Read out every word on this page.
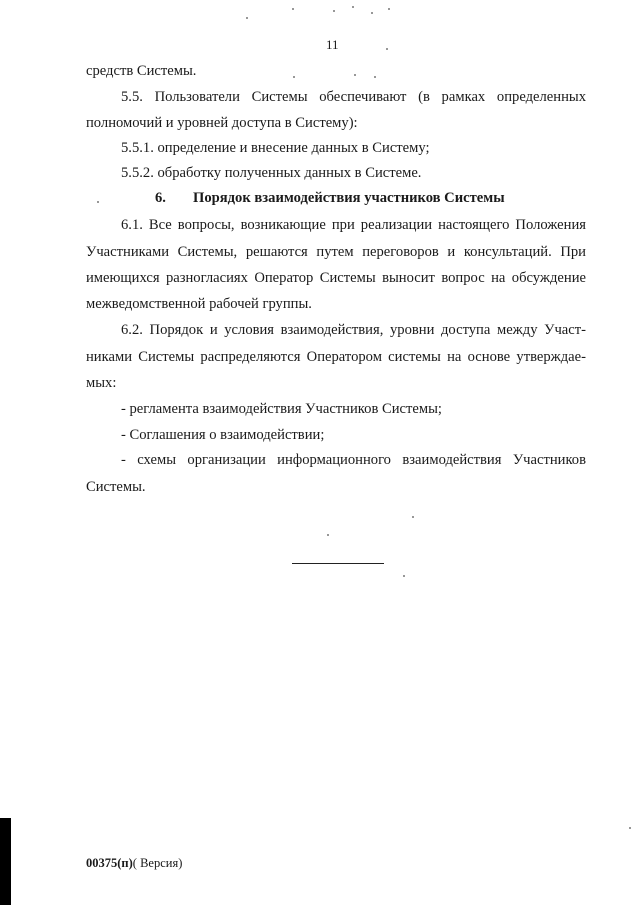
11
средств Системы.
5.5. Пользователи Системы обеспечивают (в рамках определенных
полномочий и уровней доступа в Систему):
5.5.1. определение и внесение данных в Систему;
5.5.2. обработку полученных данных в Системе.
6. Порядок взаимодействия участников Системы
6.1. Все вопросы, возникающие при реализации настоящего Положения
Участниками Системы, решаются путем переговоров и консультаций. При
имеющихся разногласиях Оператор Системы выносит вопрос на обсуждение
межведомственной рабочей группы.
6.2. Порядок и условия взаимодействия, уровни доступа между Участ-
никами Системы распределяются Оператором системы на основе утверждае-
мых:
- регламента взаимодействия Участников Системы;
- Соглашения о взаимодействии;
- схемы организации информационного взаимодействия Участников
Системы.
00375(п)( Версия)
